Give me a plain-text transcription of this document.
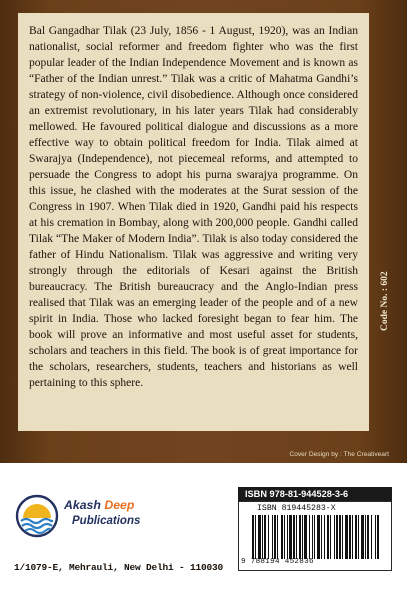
Bal Gangadhar Tilak (23 July, 1856 - 1 August, 1920), was an Indian nationalist, social reformer and freedom fighter who was the first popular leader of the Indian Independence Movement and is known as “Father of the Indian unrest.” Tilak was a critic of Mahatma Gandhi’s strategy of non-violence, civil disobedience. Although once considered an extremist revolutionary, in his later years Tilak had considerably mellowed. He favoured political dialogue and discussions as a more effective way to obtain political freedom for India. Tilak aimed at Swarajya (Independence), not piecemeal reforms, and attempted to persuade the Congress to adopt his purna swarajya programme. On this issue, he clashed with the moderates at the Surat session of the Congress in 1907. When Tilak died in 1920, Gandhi paid his respects at his cremation in Bombay, along with 200,000 people. Gandhi called Tilak “The Maker of Modern India”. Tilak is also today considered the father of Hindu Nationalism. Tilak was aggressive and writing very strongly through the editorials of Kesari against the British bureaucracy. The British bureaucracy and the Anglo-Indian press realised that Tilak was an emerging leader of the people and of a new spirit in India. Those who lacked foresight began to fear him. The book will prove an informative and most useful asset for students, scholars and teachers in this field. The book is of great importance for the scholars, researchers, students, teachers and historians as well pertaining to this sphere.

Code No. : 602
Cover Design by : The Creativeart
Akash Deep
Publications
1/1079-E, Mehrauli, New Delhi - 110030
ISBN 978-81-944528-3-6
ISBN 819445283-X
9 788194 452836
